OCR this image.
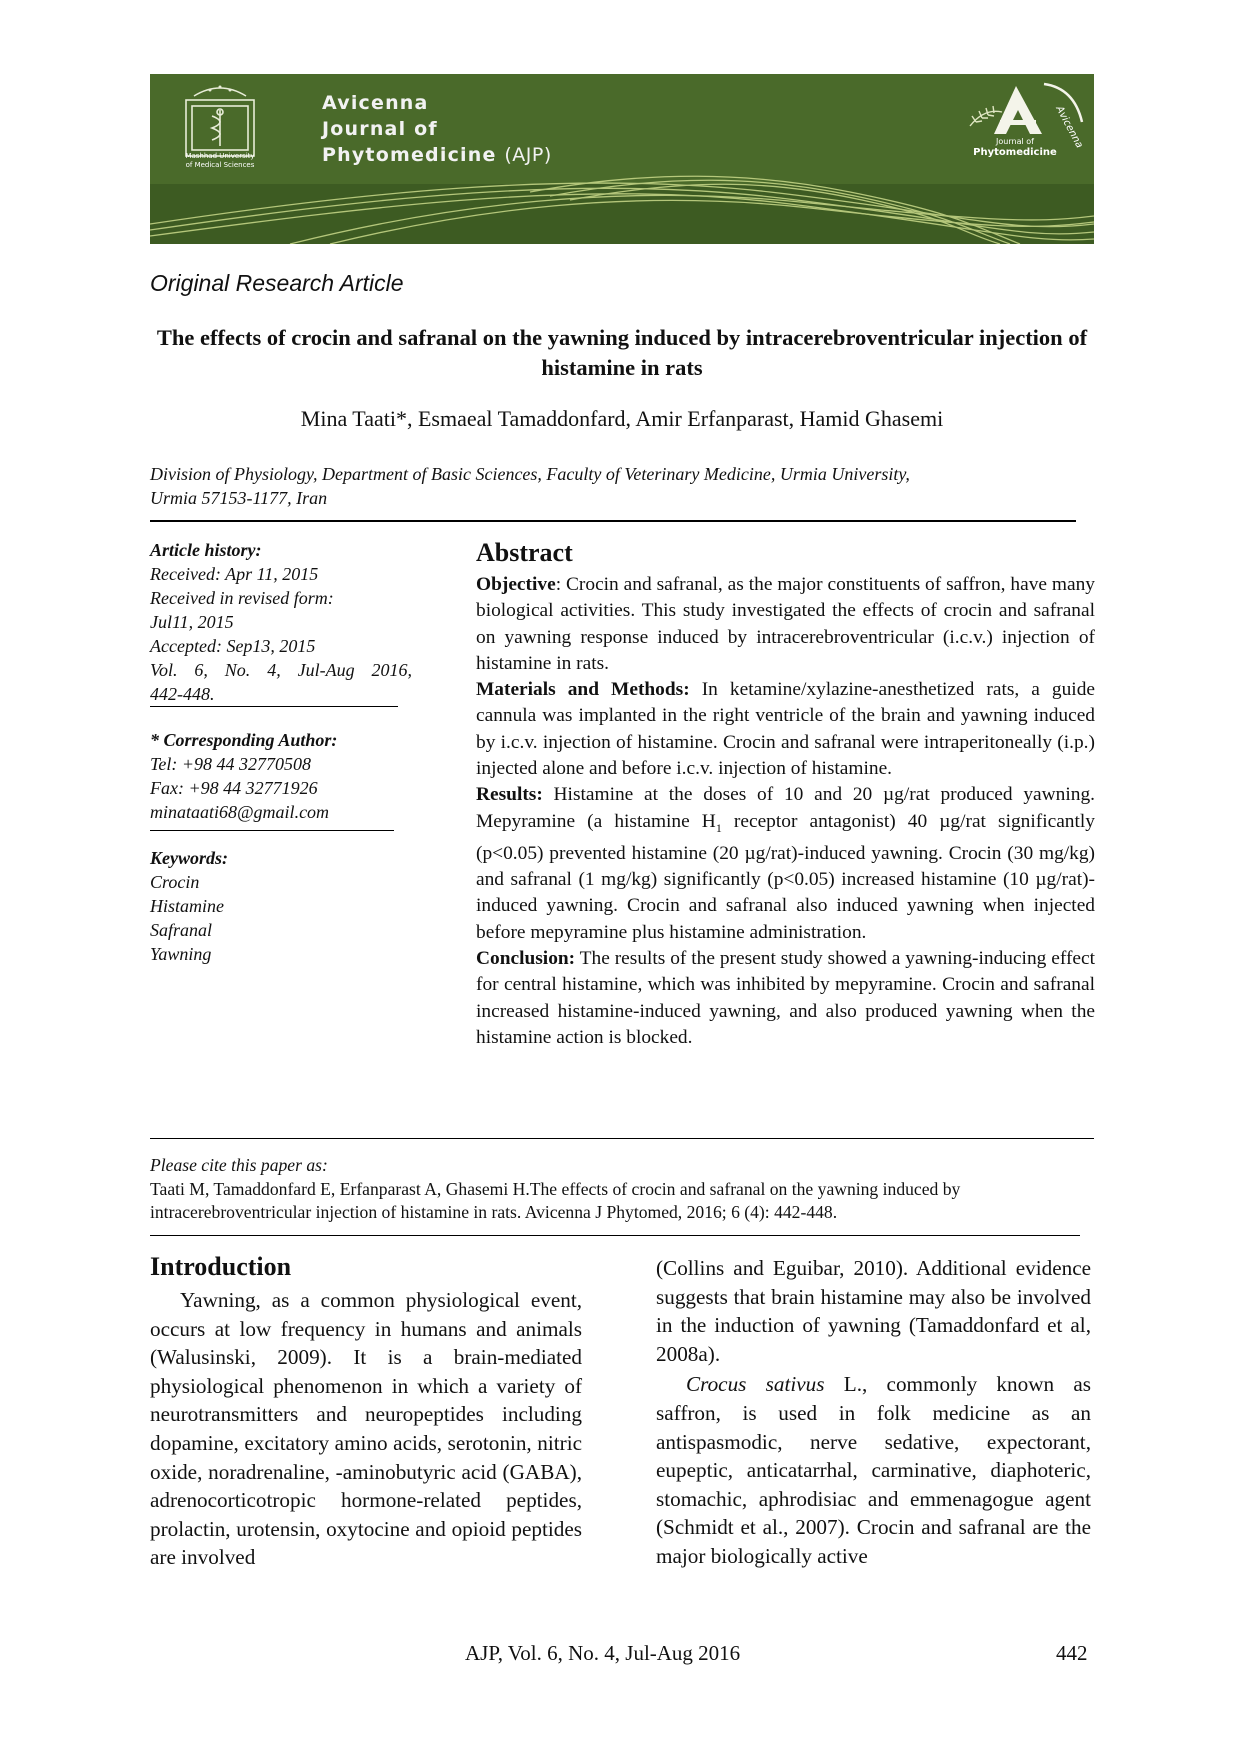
Mashhad University
of Medical Sciences
Avicenna
Journal of
Phytomedicine (AJP)
Avicenna
Journal of
Phytomedicine
Original Research Article
The effects of crocin and safranal on the yawning induced by intracerebroventricular injection of histamine in rats
Mina Taati*, Esmaeal Tamaddonfard, Amir Erfanparast, Hamid Ghasemi
Division of Physiology, Department of Basic Sciences, Faculty of Veterinary Medicine, Urmia University,
Urmia 57153-1177, Iran
Article history:
Received: Apr 11, 2015
Received in revised form:
Jul11, 2015
Accepted: Sep13, 2015
Vol. 6, No. 4, Jul-Aug 2016,
442-448.
* Corresponding Author:
Tel: +98 44 32770508
Fax: +98 44 32771926
minataati68@gmail.com
Keywords:
Crocin
Histamine
Safranal
Yawning
Abstract

Objective: Crocin and safranal, as the major constituents of saffron, have many biological activities. This study investigated the effects of crocin and safranal on yawning response induced by intracerebroventricular (i.c.v.) injection of histamine in rats.

Materials and Methods: In ketamine/xylazine-anesthetized rats, a guide cannula was implanted in the right ventricle of the brain and yawning induced by i.c.v. injection of histamine. Crocin and safranal were intraperitoneally (i.p.) injected alone and before i.c.v. injection of histamine.

Results: Histamine at the doses of 10 and 20 µg/rat produced yawning. Mepyramine (a histamine $H_1$ receptor antagonist) 40 µg/rat significantly (p<0.05) prevented histamine (20 µg/rat)-induced yawning. Crocin (30 mg/kg) and safranal (1 mg/kg) significantly (p<0.05) increased histamine (10 µg/rat)-induced yawning. Crocin and safranal also induced yawning when injected before mepyramine plus histamine administration.

Conclusion: The results of the present study showed a yawning-inducing effect for central histamine, which was inhibited by mepyramine. Crocin and safranal increased histamine-induced yawning, and also produced yawning when the histamine action is blocked.

Please cite this paper as:
Taati M, Tamaddonfard E, Erfanparast A, Ghasemi H.The effects of crocin and safranal on the yawning induced by intracerebroventricular injection of histamine in rats. Avicenna J Phytomed, 2016; 6 (4): 442-448.
Introduction

Yawning, as a common physiological event, occurs at low frequency in humans and animals (Walusinski, 2009). It is a brain-mediated physiological phenomenon in which a variety of neurotransmitters and neuropeptides including dopamine, excitatory amino acids, serotonin, nitric oxide, noradrenaline, -aminobutyric acid (GABA), adrenocorticotropic hormone-related peptides, prolactin, urotensin, oxytocine and opioid peptides are involved

(Collins and Eguibar, 2010). Additional evidence suggests that brain histamine may also be involved in the induction of yawning (Tamaddonfard et al, 2008a).

Crocus sativus L., commonly known as saffron, is used in folk medicine as an antispasmodic, nerve sedative, expectorant, eupeptic, anticatarrhal, carminative, diaphoteric, stomachic, aphrodisiac and emmenagogue agent (Schmidt et al., 2007). Crocin and safranal are the major biologically active

AJP, Vol. 6, No. 4, Jul-Aug 2016	442
